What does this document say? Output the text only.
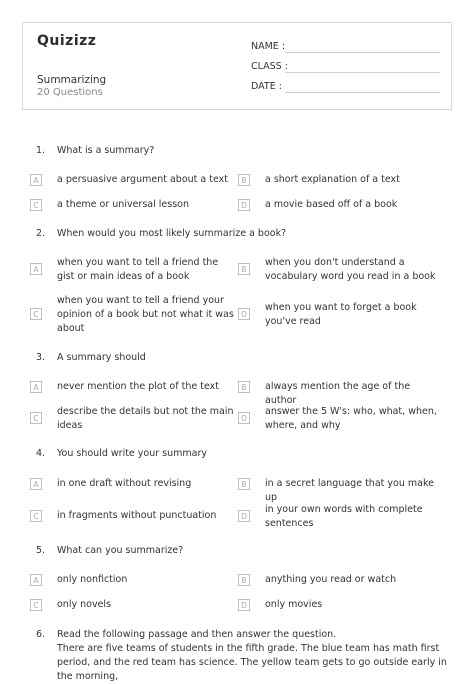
Quizizz
Summarizing
20 Questions
NAME :
CLASS :
DATE :
1.	What is a summary?
A	a persuasive argument about a text	B	a short explanation of a text
C	a theme or universal lesson	D	a movie based off of a book
2.	When would you most likely summarize a book?
A
when you want to tell a friend the gist or main ideas of a book
B
when you don't understand a vocabulary word you read in a book
C
when you want to tell a friend your opinion of a book but not what it was about
D
when you want to forget a book you've read
3.	A summary should
A	never mention the plot of the text	B	always mention the age of the author
C
describe the details but not the main ideas
D
answer the 5 W's: who, what, when, where, and why
4.	You should write your summary
A	in one draft without revising	B	in a secret language that you make up
C	in fragments without punctuation	D
in your own words with complete sentences
5.	What can you summarize?
A	only nonfiction	B	anything you read or watch
C	only novels	D	only movies
6.	Read the following passage and then answer the question.
There are five teams of students in the fifth grade. The blue team has math first period, and the red team has science. The yellow team gets to go outside early in the morning,
